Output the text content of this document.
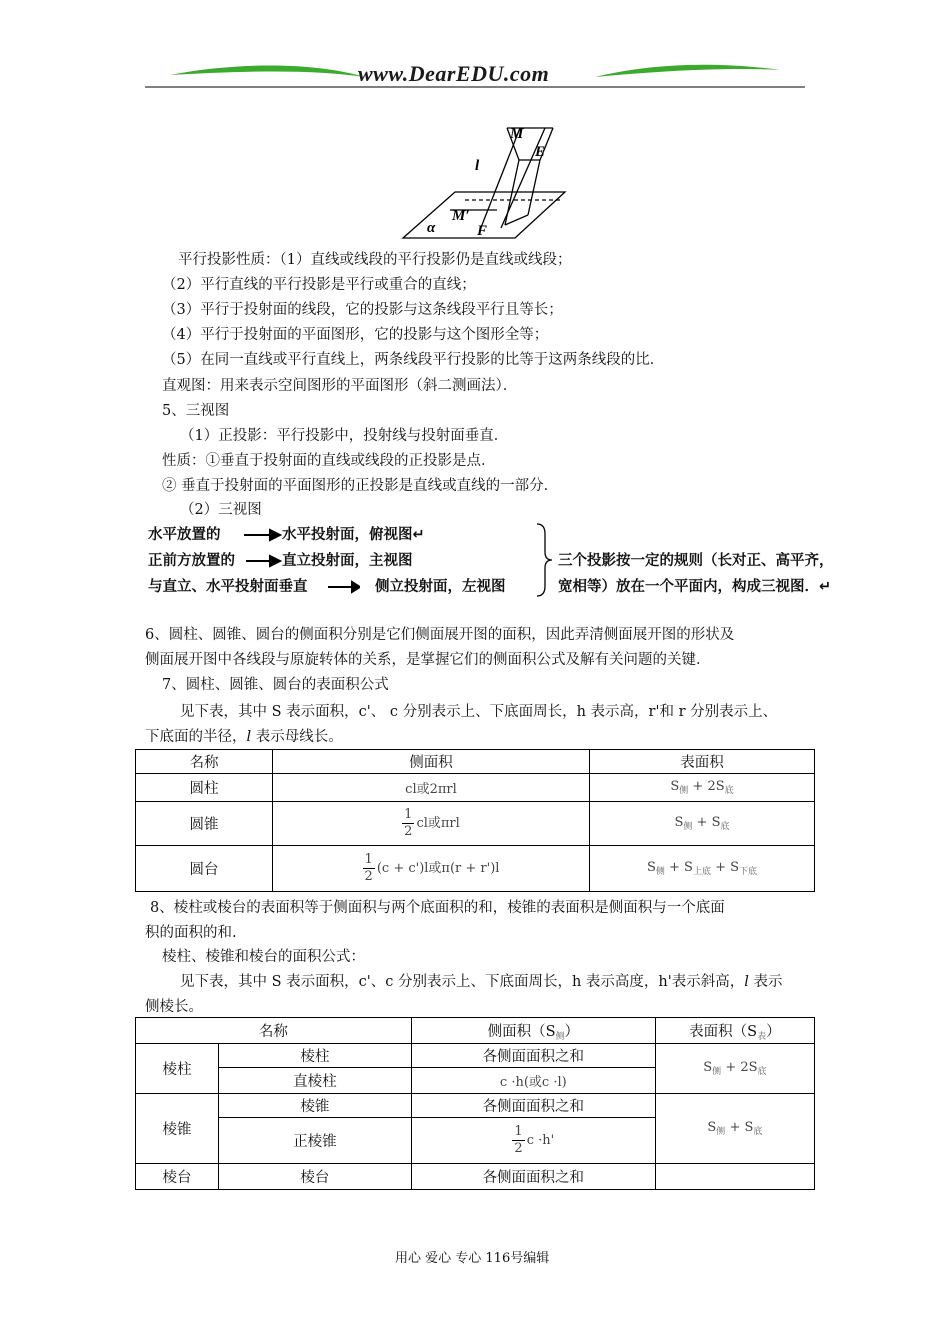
www.DearEDU.com
M
E
l
M′
F
α
平行投影性质：（1）直线或线段的平行投影仍是直线或线段；
（2）平行直线的平行投影是平行或重合的直线；
（3）平行于投射面的线段，它的投影与这条线段平行且等长；
（4）平行于投射面的平面图形，它的投影与这个图形全等；
（5）在同一直线或平行直线上，两条线段平行投影的比等于这两条线段的比．
直观图：用来表示空间图形的平面图形（斜二测画法）．
5、三视图
（1）正投影：平行投影中，投射线与投射面垂直．
性质：①垂直于投射面的直线或线段的正投影是点．
② 垂直于投射面的平面图形的正投影是直线或直线的一部分．
（2）三视图
水平放置的	水平投射面，俯视图↵
正前方放置的	直立投射面，主视图
与直立、水平投射面垂直	侧立投射面，左视图
三个投影按一定的规则（长对正、高平齐，
宽相等）放在一个平面内，构成三视图．↵
6、圆柱、圆锥、圆台的侧面积分别是它们侧面展开图的面积，因此弄清侧面展开图的形状及
侧面展开图中各线段与原旋转体的关系，是掌握它们的侧面积公式及解有关问题的关键．
7、圆柱、圆锥、圆台的表面积公式
见下表，其中 S 表示面积，c'、 c 分别表示上、下底面周长，h 表示高，r'和 r 分别表示上、
下底面的半径，l 表示母线长。
名称	侧面积	表面积
圆柱	cl或2πrl	$S_侧 + 2S_底$
圆锥	$\frac{1}{2}$ cl或πrl	$S_侧 + S_底$
圆台	$\frac{1}{2} (c + c')l$或π(r + r')l	$S_侧 + S_{上底} + S_{下底}$
8、棱柱或棱台的表面积等于侧面积与两个底面积的和，棱锥的表面积是侧面积与一个底面
积的面积的和.
棱柱、棱锥和棱台的面积公式：
见下表，其中 S 表示面积，c'、c 分别表示上、下底面周长，h 表示高度，h'表示斜高，l 表示
侧棱长。
名称		侧面积$(S_侧)$	表面积$(S_表)$
棱柱	棱柱	各侧面面积之和	$S_侧 + 2S_底$
	直棱柱	c ·h(或c ·l)	
棱锥	棱锥	各侧面面积之和	$S_侧 + S_底$
	正棱锥	$\frac{1}{2}$ c ·h'	
棱台	棱台	各侧面面积之和	
用心 爱心 专心 116号编辑
